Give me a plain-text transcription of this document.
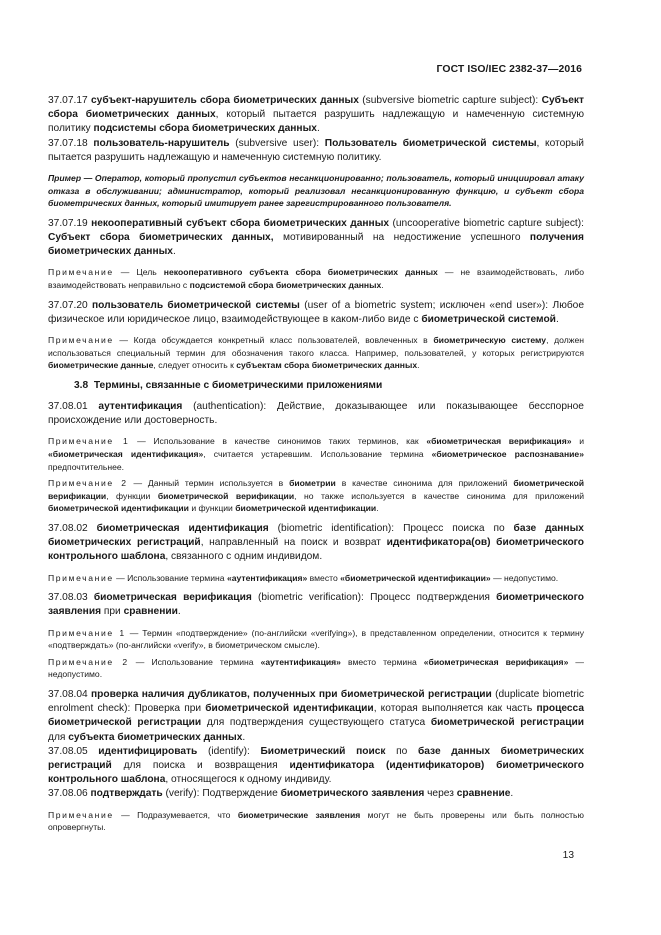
ГОСТ ISO/IEC 2382-37—2016

37.07.17 субъект-нарушитель сбора биометрических данных (subversive biometric capture subject): Субъект сбора биометрических данных, который пытается разрушить надлежащую и намеченную системную политику подсистемы сбора биометрических данных.

37.07.18 пользователь-нарушитель (subversive user): Пользователь биометрической системы, который пытается разрушить надлежащую и намеченную системную политику.

Пример — Оператор, который пропустил субъектов несанкционированно; пользователь, который инициировал атаку отказа в обслуживании; администратор, который реализовал несанкционированную функцию, и субъект сбора биометрических данных, который имитирует ранее зарегистрированного пользователя.

37.07.19 некооперативный субъект сбора биометрических данных (uncooperative biometric capture subject): Субъект сбора биометрических данных, мотивированный на недостижение успешного получения биометрических данных.

Примечание — Цель некооперативного субъекта сбора биометрических данных — не взаимодействовать, либо взаимодействовать неправильно с подсистемой сбора биометрических данных.

37.07.20 пользователь биометрической системы (user of a biometric system; исключен «end user»): Любое физическое или юридическое лицо, взаимодействующее в каком-либо виде с биометрической системой.

Примечание — Когда обсуждается конкретный класс пользователей, вовлеченных в биометрическую систему, должен использоваться специальный термин для обозначения такого класса. Например, пользователей, у которых регистрируются биометрические данные, следует относить к субъектам сбора биометрических данных.

3.8 Термины, связанные с биометрическими приложениями

37.08.01 аутентификация (authentication): Действие, доказывающее или показывающее бесспорное происхождение или достоверность.

Примечание 1 — Использование в качестве синонимов таких терминов, как «биометрическая верификация» и «биометрическая идентификация», считается устаревшим. Использование термина «биометрическое распознавание» предпочтительнее.

Примечание 2 — Данный термин используется в биометрии в качестве синонима для приложений биометрической верификации, функции биометрической верификации, но также используется в качестве синонима для приложений биометрической идентификации и функции биометрической идентификации.

37.08.02 биометрическая идентификация (biometric identification): Процесс поиска по базе данных биометрических регистраций, направленный на поиск и возврат идентификатора(ов) биометрического контрольного шаблона, связанного с одним индивидом.

Примечание — Использование термина «аутентификация» вместо «биометрической идентификации» — недопустимо.

37.08.03 биометрическая верификация (biometric verification): Процесс подтверждения биометрического заявления при сравнении.

Примечание 1 — Термин «подтверждение» (по-английски «verifying»), в представленном определении, относится к термину «подтверждать» (по-английски «verify», в биометрическом смысле).

Примечание 2 — Использование термина «аутентификация» вместо термина «биометрическая верификация» — недопустимо.

37.08.04 проверка наличия дубликатов, полученных при биометрической регистрации (duplicate biometric enrolment check): Проверка при биометрической идентификации, которая выполняется как часть процесса биометрической регистрации для подтверждения существующего статуса биометрической регистрации для субъекта биометрических данных.

37.08.05 идентифицировать (identify): Биометрический поиск по базе данных биометрических регистраций для поиска и возвращения идентификатора (идентификаторов) биометрического контрольного шаблона, относящегося к одному индивиду.

37.08.06 подтверждать (verify): Подтверждение биометрического заявления через сравнение.

Примечание — Подразумевается, что биометрические заявления могут не быть проверены или быть полностью опровергнуты.

13
